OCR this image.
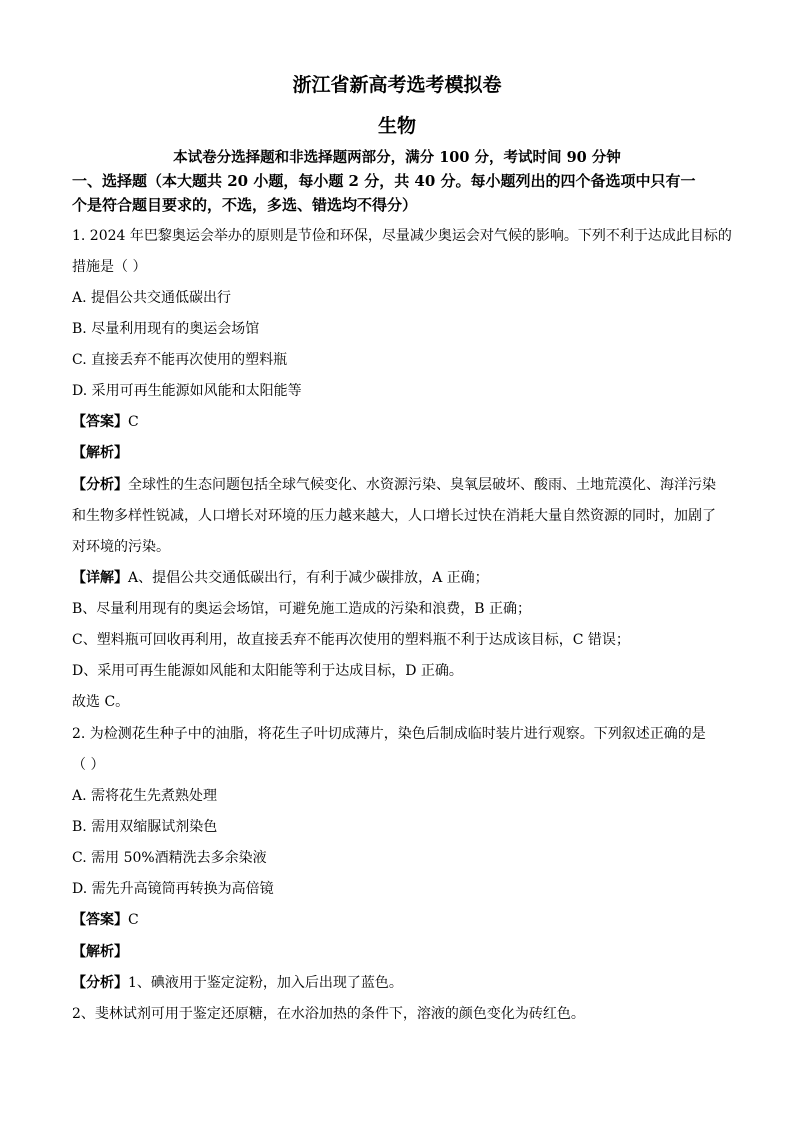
浙江省新高考选考模拟卷
生物
本试卷分选择题和非选择题两部分，满分 100 分，考试时间 90 分钟
一、选择题（本大题共 20 小题，每小题 2 分，共 40 分。每小题列出的四个备选项中只有一
个是符合题目要求的，不选，多选、错选均不得分）
1. 2024 年巴黎奥运会举办的原则是节俭和环保，尽量减少奥运会对气候的影响。下列不利于达成此目标的
措施是（ ）
A. 提倡公共交通低碳出行
B. 尽量利用现有的奥运会场馆
C. 直接丢弃不能再次使用的塑料瓶
D. 采用可再生能源如风能和太阳能等
【答案】C
【解析】
【分析】全球性的生态问题包括全球气候变化、水资源污染、臭氧层破坏、酸雨、土地荒漠化、海洋污染
和生物多样性锐减，人口增长对环境的压力越来越大，人口增长过快在消耗大量自然资源的同时，加剧了
对环境的污染。
【详解】A、提倡公共交通低碳出行，有利于减少碳排放，A 正确；
B、尽量利用现有的奥运会场馆，可避免施工造成的污染和浪费，B 正确；
C、塑料瓶可回收再利用，故直接丢弃不能再次使用的塑料瓶不利于达成该目标，C 错误；
D、采用可再生能源如风能和太阳能等利于达成目标，D 正确。
故选 C。
2. 为检测花生种子中的油脂，将花生子叶切成薄片，染色后制成临时装片进行观察。下列叙述正确的是
（ ）
A. 需将花生先煮熟处理
B. 需用双缩脲试剂染色
C. 需用 50%酒精洗去多余染液
D. 需先升高镜筒再转换为高倍镜
【答案】C
【解析】
【分析】1、碘液用于鉴定淀粉，加入后出现了蓝色。
2、斐林试剂可用于鉴定还原糖，在水浴加热的条件下，溶液的颜色变化为砖红色。
